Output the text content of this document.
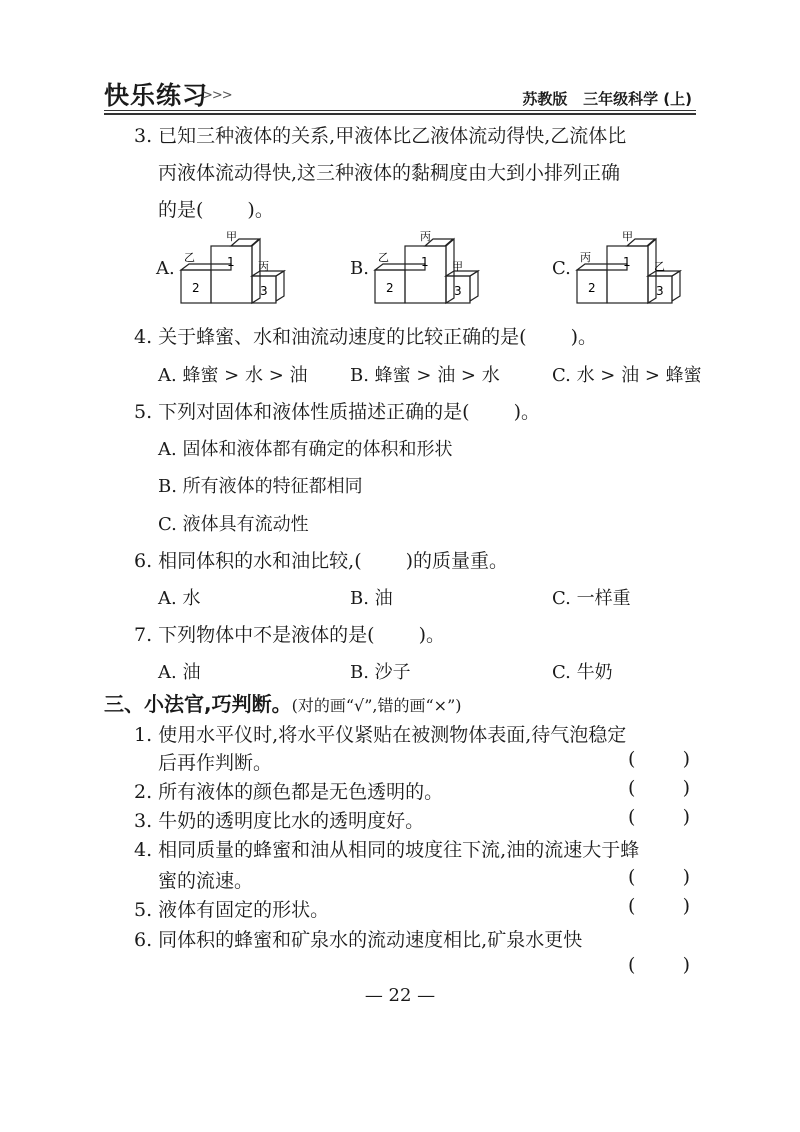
快乐练习
>>>	苏教版 三年级科学 (上)
3. 已知三种液体的关系,甲液体比乙液体流动得快,乙流体比
丙液体流动得快,这三种液体的黏稠度由大到小排列正确
的是( )。
A.
甲
乙
丙
1
2	3
B.
丙
乙
甲
1
2	3
C.
甲
丙
乙
1
2	3
4. 关于蜂蜜、水和油流动速度的比较正确的是( )。
A. 蜂蜜 > 水 > 油 B. 蜂蜜 > 油 > 水	C. 水 > 油 > 蜂蜜
5. 下列对固体和液体性质描述正确的是( )。
A. 固体和液体都有确定的体积和形状
B. 所有液体的特征都相同
C. 液体具有流动性
6. 相同体积的水和油比较,( )的质量重。
A. 水	B. 油	C. 一样重
7. 下列物体中不是液体的是( )。
A. 油	B. 沙子	C. 牛奶
三、小法官,巧判断。(对的画“√”,错的画“×”)
1. 使用水平仪时,将水平仪紧贴在被测物体表面,待气泡稳定
后再作判断。	( )
2. 所有液体的颜色都是无色透明的。	( )
3. 牛奶的透明度比水的透明度好。	( )
4. 相同质量的蜂蜜和油从相同的坡度往下流,油的流速大于蜂
蜜的流速。	( )
5. 液体有固定的形状。	( )
6. 同体积的蜂蜜和矿泉水的流动速度相比,矿泉水更快
( )
— 22 —
